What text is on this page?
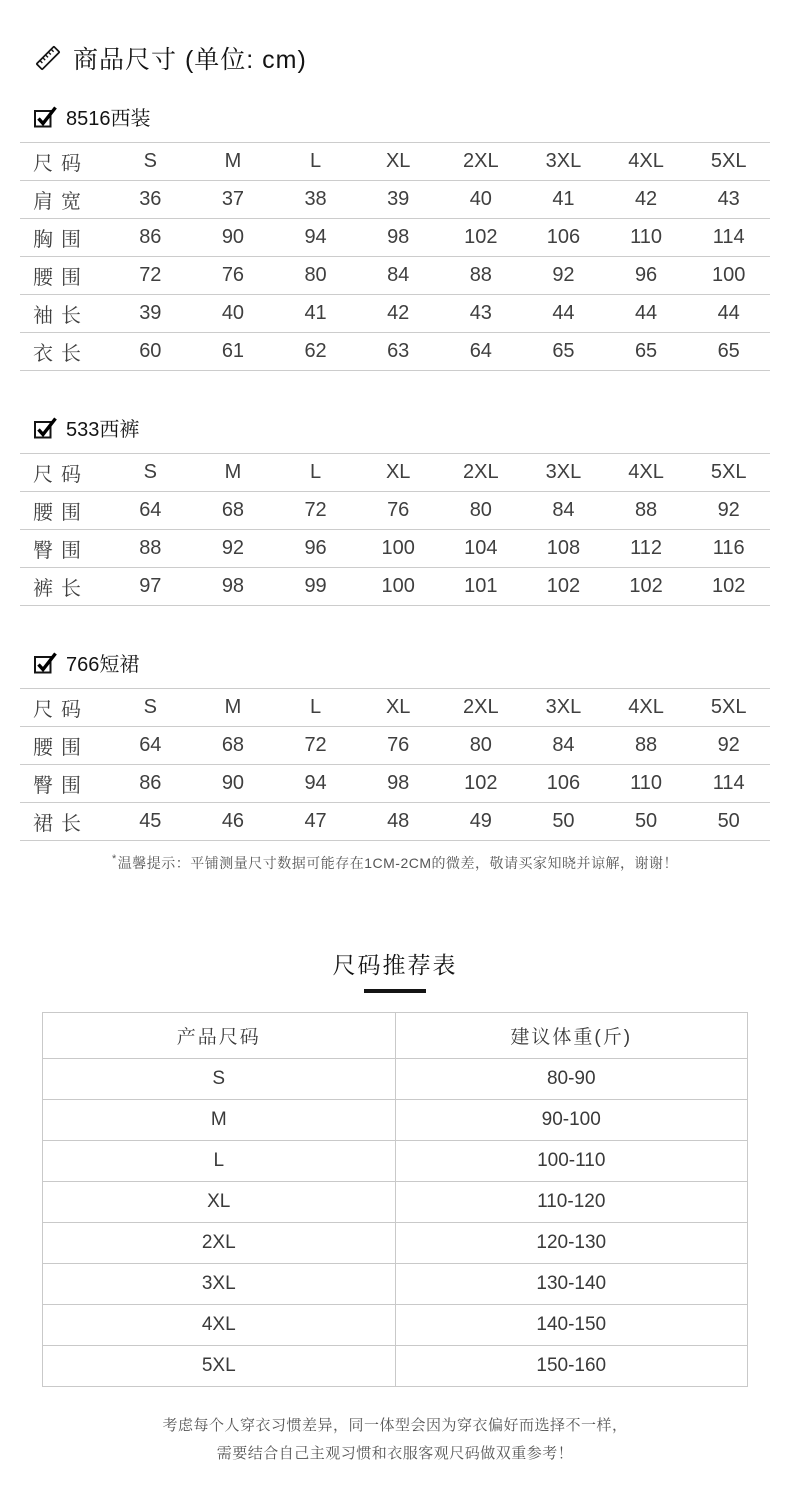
商品尺寸 (单位: cm)
8516西装
尺码	S	M	L	XL	2XL	3XL	4XL	5XL
肩宽	36	37	38	39	40	41	42	43
胸围	86	90	94	98	102	106	110	114
腰围	72	76	80	84	88	92	96	100
袖长	39	40	41	42	43	44	44	44
衣长	60	61	62	63	64	65	65	65
533西裤
尺码	S	M	L	XL	2XL	3XL	4XL	5XL
腰围	64	68	72	76	80	84	88	92
臀围	88	92	96	100	104	108	112	116
裤长	97	98	99	100	101	102	102	102
766短裙
尺码	S	M	L	XL	2XL	3XL	4XL	5XL
腰围	64	68	72	76	80	84	88	92
臀围	86	90	94	98	102	106	110	114
裙长	45	46	47	48	49	50	50	50
*温馨提示：平铺测量尺寸数据可能存在1CM-2CM的微差，敬请买家知晓并谅解，谢谢！
尺码推荐表
产品尺码	建议体重(斤)
S	80-90
M	90-100
L	100-110
XL	110-120
2XL	120-130
3XL	130-140
4XL	140-150
5XL	150-160
考虑每个人穿衣习惯差异，同一体型会因为穿衣偏好而选择不一样，
需要结合自己主观习惯和衣服客观尺码做双重参考！
